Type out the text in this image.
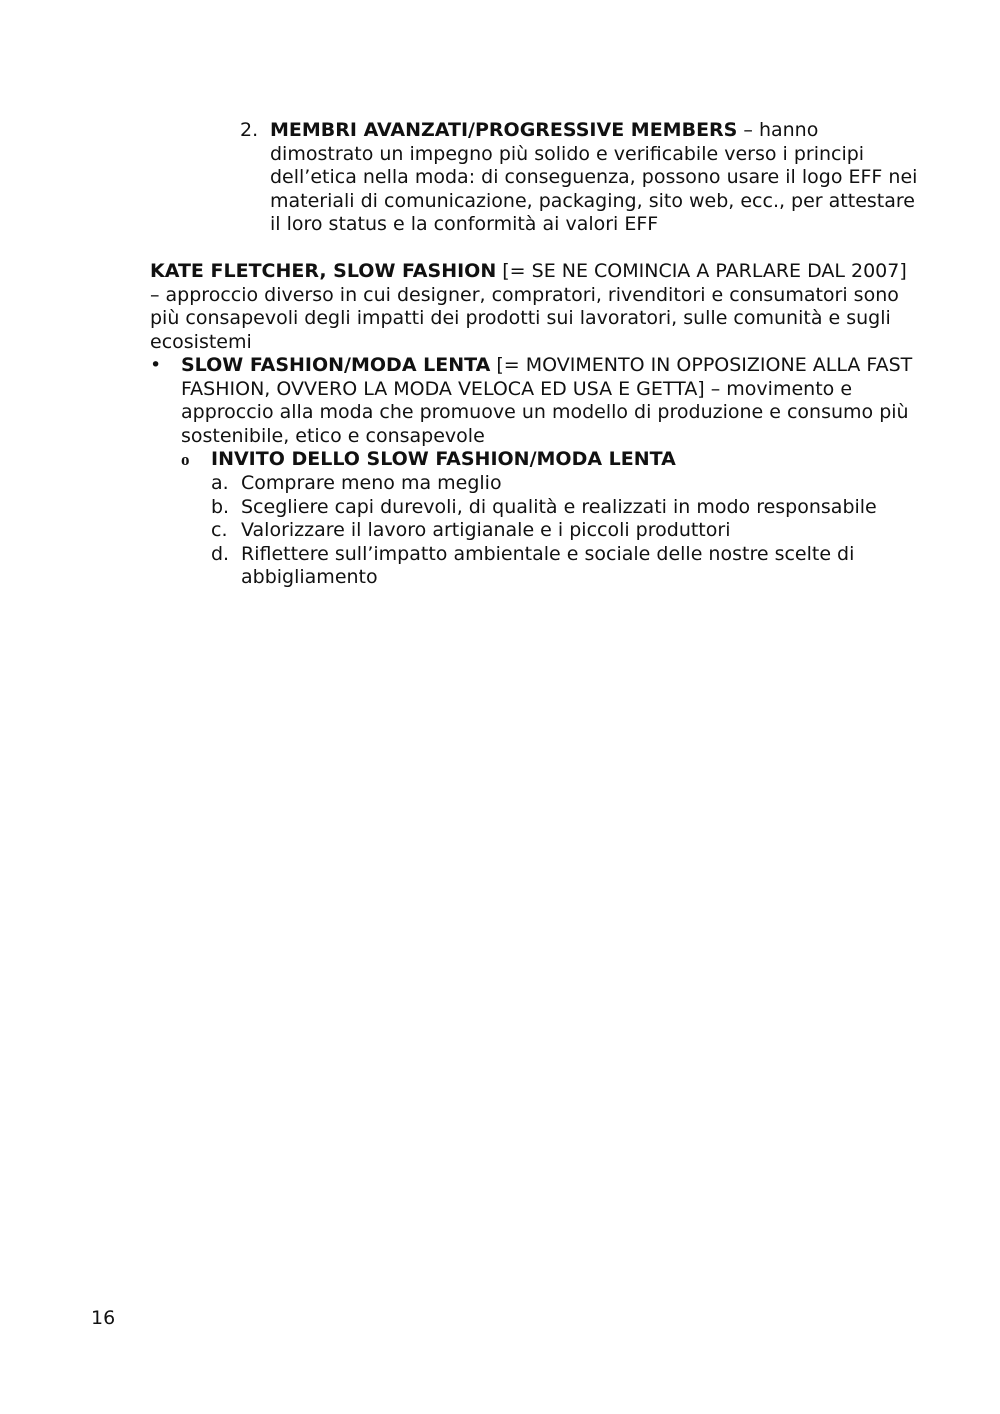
2. MEMBRI AVANZATI/PROGRESSIVE MEMBERS – hanno dimostrato un impegno più solido e verificabile verso i principi dell’etica nella moda: di conseguenza, possono usare il logo EFF nei materiali di comunicazione, packaging, sito web, ecc., per attestare il loro status e la conformità ai valori EFF
KATE FLETCHER, SLOW FASHION [= SE NE COMINCIA A PARLARE DAL 2007] – approccio diverso in cui designer, compratori, rivenditori e consumatori sono più consapevoli degli impatti dei prodotti sui lavoratori, sulle comunità e sugli ecosistemi
•	SLOW FASHION/MODA LENTA [= MOVIMENTO IN OPPOSIZIONE ALLA FAST FASHION, OVVERO LA MODA VELOCA ED USA E GETTA] – movimento e approccio alla moda che promuove un modello di produzione e consumo più sostenibile, etico e consapevole
o	INVITO DELLO SLOW FASHION/MODA LENTA
a. Comprare meno ma meglio
b. Scegliere capi durevoli, di qualità e realizzati in modo responsabile
c. Valorizzare il lavoro artigianale e i piccoli produttori
d. Riflettere sull’impatto ambientale e sociale delle nostre scelte di abbigliamento
16
